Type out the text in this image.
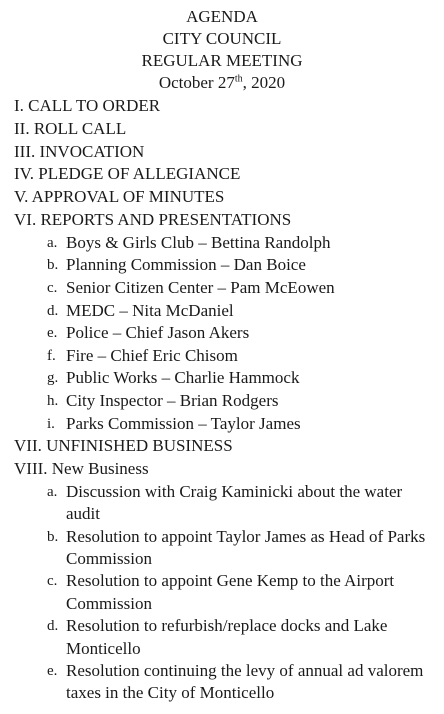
AGENDA
CITY COUNCIL
REGULAR MEETING
October 27th, 2020
I. CALL TO ORDER
II. ROLL CALL
III. INVOCATION
IV. PLEDGE OF ALLEGIANCE
V. APPROVAL OF MINUTES
VI. REPORTS AND PRESENTATIONS
a. Boys & Girls Club – Bettina Randolph
b. Planning Commission – Dan Boice
c. Senior Citizen Center – Pam McEowen
d. MEDC – Nita McDaniel
e. Police – Chief Jason Akers
f. Fire – Chief Eric Chisom
g. Public Works – Charlie Hammock
h. City Inspector – Brian Rodgers
i. Parks Commission – Taylor James
VII. UNFINISHED BUSINESS
VIII. New Business
a. Discussion with Craig Kaminicki about the water audit
b. Resolution to appoint Taylor James as Head of Parks Commission
c. Resolution to appoint Gene Kemp to the Airport Commission
d. Resolution to refurbish/replace docks and Lake Monticello
e. Resolution continuing the levy of annual ad valorem taxes in the City of Monticello
